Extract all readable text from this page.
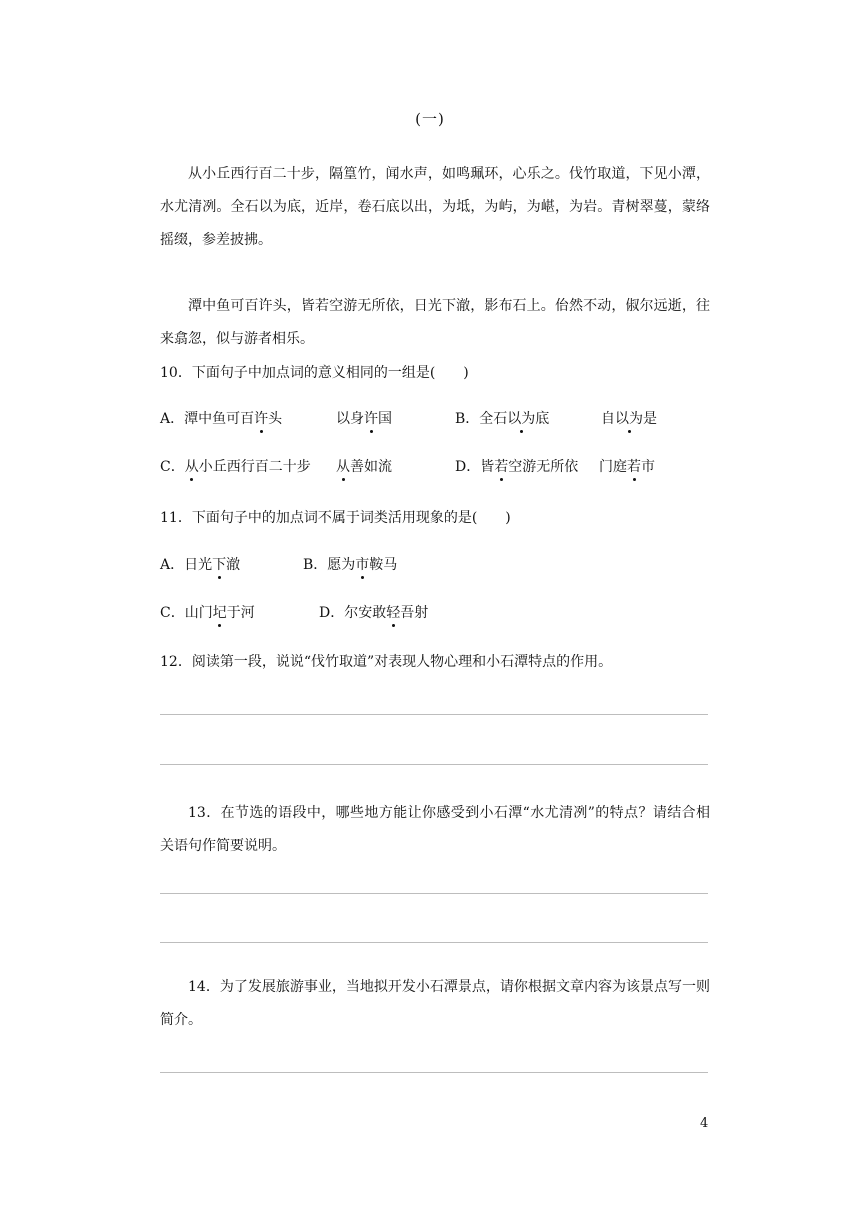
(一)

从小丘西行百二十步，隔篁竹，闻水声，如鸣珮环，心乐之。伐竹取道，下见小潭，水尤清冽。全石以为底，近岸，卷石底以出，为坻，为屿，为嵁，为岩。青树翠蔓，蒙络摇缀，参差披拂。

潭中鱼可百许头，皆若空游无所依，日光下澈，影布石上。佁然不动，俶尔远逝，往来翕忽，似与游者相乐。

10．下面句子中加点词的意义相同的一组是(　　)
A．潭中鱼可百许头	以身许国	B．全石以为底	自以为是
C．从小丘西行百二十步 从善如流	D．皆若空游无所依 门庭若市
11．下面句子中的加点词不属于词类活用现象的是(　　)
A．日光下澈	B．愿为市鞍马
C．山门圮于河	D．尔安敢轻吾射
12．阅读第一段，说说“伐竹取道”对表现人物心理和小石潭特点的作用。

13．在节选的语段中，哪些地方能让你感受到小石潭“水尤清冽”的特点？请结合相关语句作简要说明。

14．为了发展旅游事业，当地拟开发小石潭景点，请你根据文章内容为该景点写一则简介。

4
